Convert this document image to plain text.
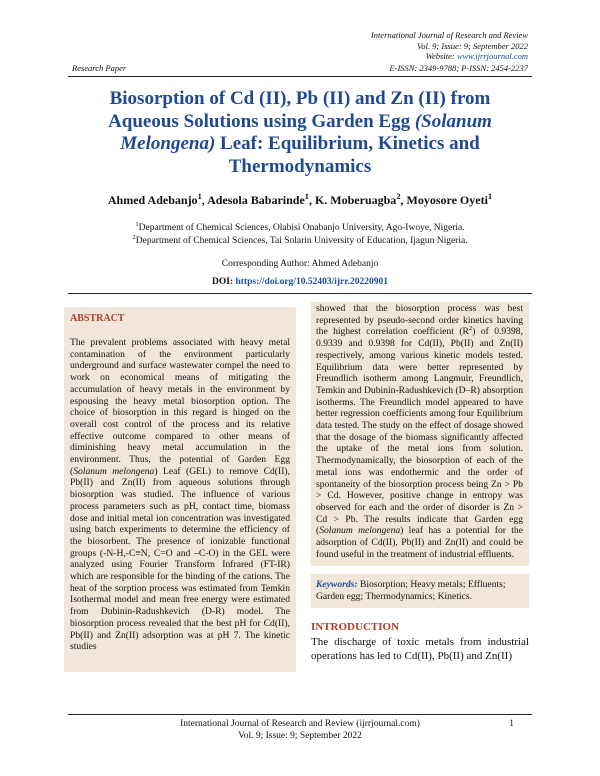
International Journal of Research and Review
Vol. 9; Issue: 9; September 2022
Website: www.ijrrjournal.com
Research Paper	E-ISSN: 2349-9788; P-ISSN: 2454-2237
Biosorption of Cd (II), Pb (II) and Zn (II) from Aqueous Solutions using Garden Egg (Solanum Melongena) Leaf: Equilibrium, Kinetics and Thermodynamics
Ahmed Adebanjo$^1$, Adesola Babarinde$^1$, K. Moberuagba$^2$, Moyosore Oyeti$^1$
$^1$Department of Chemical Sciences, Olabisi Onabanjo University, Ago-Iwoye, Nigeria.
$^2$Department of Chemical Sciences, Tai Solarin University of Education, Ijagun Nigeria.
Corresponding Author: Ahmed Adebanjo
DOI: https://doi.org/10.52403/ijrr.20220901
ABSTRACT
The prevalent problems associated with heavy metal contamination of the environment particularly underground and surface wastewater compel the need to work on economical means of mitigating the accumulation of heavy metals in the environment by espousing the heavy metal biosorption option. The choice of biosorption in this regard is hinged on the overall cost control of the process and its relative effective outcome compared to other means of diminishing heavy metal accumulation in the environment. Thus, the potential of Garden Egg (Solanum melongena) Leaf (GEL) to remove Cd(II), Pb(II) and Zn(II) from aqueous solutions through biosorption was studied. The influence of various process parameters such as pH, contact time, biomass dose and initial metal ion concentration was investigated using batch experiments to determine the efficiency of the biosorbent. The presence of ionizable functional groups (-N-H,-C≡N, C=O and –C-O) in the GEL were analyzed using Fourier Transform Infrared (FT-IR) which are responsible for the binding of the cations. The heat of the sorption process was estimated from Temkin Isothermal model and mean free energy were estimated from Dubinin-Radushkevich (D-R) model. The biosorption process revealed that the best pH for Cd(II), Pb(II) and Zn(II) adsorption was at pH 7. The kinetic studies
showed that the biosorption process was best represented by pseudo-second order kinetics having the highest correlation coefficient $(R^2)$ of 0.9398, 0.9339 and 0.9398 for Cd(II), Pb(II) and Zn(II) respectively, among various kinetic models tested. Equilibrium data were better represented by Freundlich isotherm among Langmuir, Freundlich, Temkin and Dubinin-Radushkevich (D–R) absorption isotherms. The Freundlich model appeared to have better regression coefficients among four Equilibrium data tested. The study on the effect of dosage showed that the dosage of the biomass significantly affected the uptake of the metal ions from solution. Thermodynamically, the biosorption of each of the metal ions was endothermic and the order of spontaneity of the biosorption process being Zn > Pb > Cd. However, positive change in entropy was observed for each and the order of disorder is Zn > Cd > Pb. The results indicate that Garden egg (Solanum melongena) leaf has a potential for the adsorption of Cd(II), Pb(II) and Zn(II) and could be found useful in the treatment of industrial effluents.
Keywords: Biosorption; Heavy metals; Effluents; Garden egg; Thermodynamics; Kinetics.
INTRODUCTION
The discharge of toxic metals from industrial operations has led to Cd(II), Pb(II) and Zn(II)
International Journal of Research and Review (ijrrjournal.com)
Vol. 9; Issue: 9; September 2022
1
